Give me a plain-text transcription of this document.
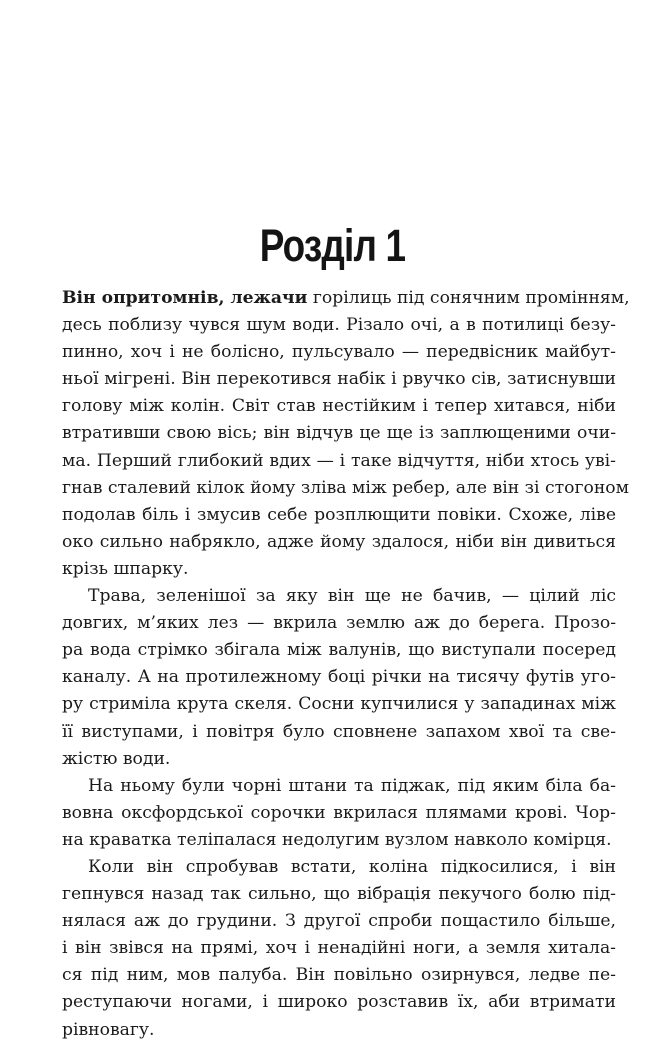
Розділ 1
Він опритомнів, лежачи горілиць під сонячним промінням,
десь поблизу чувся шум води. Різало очі, а в потилиці безу-
пинно, хоч і не болісно, пульсувало — передвісник майбут-
ньої мігрені. Він перекотився набік і рвучко сів, затиснувши
голову між колін. Світ став нестійким і тепер хитався, ніби
втративши свою вісь; він відчув це ще із заплющеними очи-
ма. Перший глибокий вдих — і таке відчуття, ніби хтось уві-
гнав сталевий кілок йому зліва між ребер, але він зі стогоном
подолав біль і змусив себе розплющити повіки. Схоже, ліве
око сильно набрякло, адже йому здалося, ніби він дивиться
крізь шпарку.
Трава, зеленішої за яку він ще не бачив, — цілий ліс
довгих, м’яких лез — вкрила землю аж до берега. Прозо-
ра вода стрімко збігала між валунів, що виступали посеред
каналу. А на протилежному боці річки на тисячу футів угo-
ру стриміла крута скеля. Сосни купчилися у западинах між
її виступами, і повітря було сповнене запахом хвої та све-
жістю води.
На ньому були чорні штани та піджак, під яким біла ба-
вовна оксфордської сорочки вкрилася плямами крові. Чор-
на краватка теліпалася недолугим вузлом навколо комірця.
Коли він спробував встати, коліна підкосилися, і він
гепнувся назад так сильно, що вібрація пекучого болю під-
нялася аж до грудини. З другої спроби пощастило більше,
і він звівся на прямі, хоч і ненадійні ноги, а земля хитала-
ся під ним, мов палуба. Він повільно озирнувся, ледве пе-
реступаючи ногами, і широко розставив їх, аби втримати
рівновагу.
